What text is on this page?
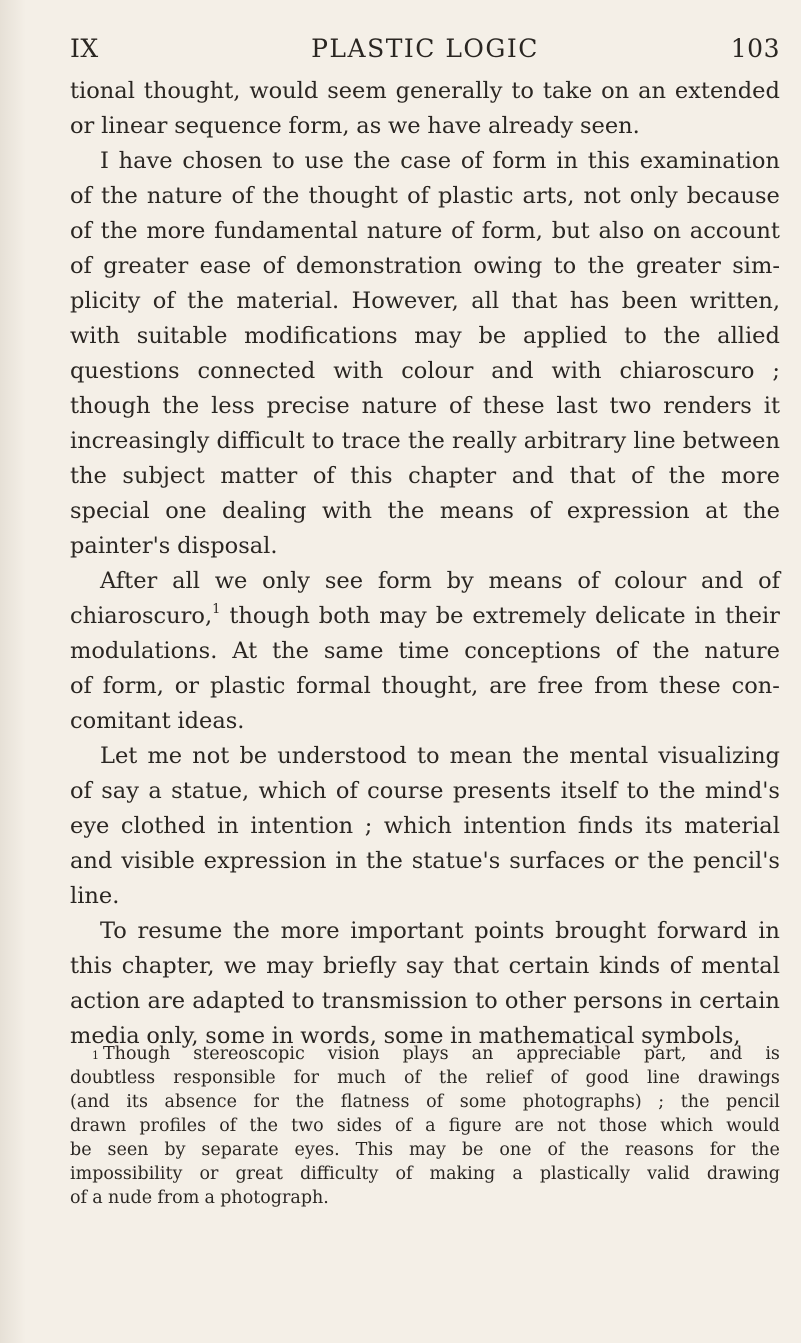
IX	PLASTIC LOGIC	103
tional thought, would seem generally to take on an extended
or linear sequence form, as we have already seen.
I have chosen to use the case of form in this examination
of the nature of the thought of plastic arts, not only because
of the more fundamental nature of form, but also on account
of greater ease of demonstration owing to the greater sim-
plicity of the material. However, all that has been written,
with suitable modifications may be applied to the allied
questions connected with colour and with chiaroscuro ;
though the less precise nature of these last two renders it
increasingly difficult to trace the really arbitrary line between
the subject matter of this chapter and that of the more
special one dealing with the means of expression at the
painter's disposal.
After all we only see form by means of colour and of
chiaroscuro,$^1$ though both may be extremely delicate in their
modulations. At the same time conceptions of the nature
of form, or plastic formal thought, are free from these con-
comitant ideas.
Let me not be understood to mean the mental visualizing
of say a statue, which of course presents itself to the mind's
eye clothed in intention ; which intention finds its material
and visible expression in the statue's surfaces or the pencil's
line.
To resume the more important points brought forward in
this chapter, we may briefly say that certain kinds of mental
action are adapted to transmission to other persons in certain
media only, some in words, some in mathematical symbols,
1 Though stereoscopic vision plays an appreciable part, and is
doubtless responsible for much of the relief of good line drawings
(and its absence for the flatness of some photographs) ; the pencil
drawn profiles of the two sides of a figure are not those which would
be seen by separate eyes. This may be one of the reasons for the
impossibility or great difficulty of making a plastically valid drawing
of a nude from a photograph.
